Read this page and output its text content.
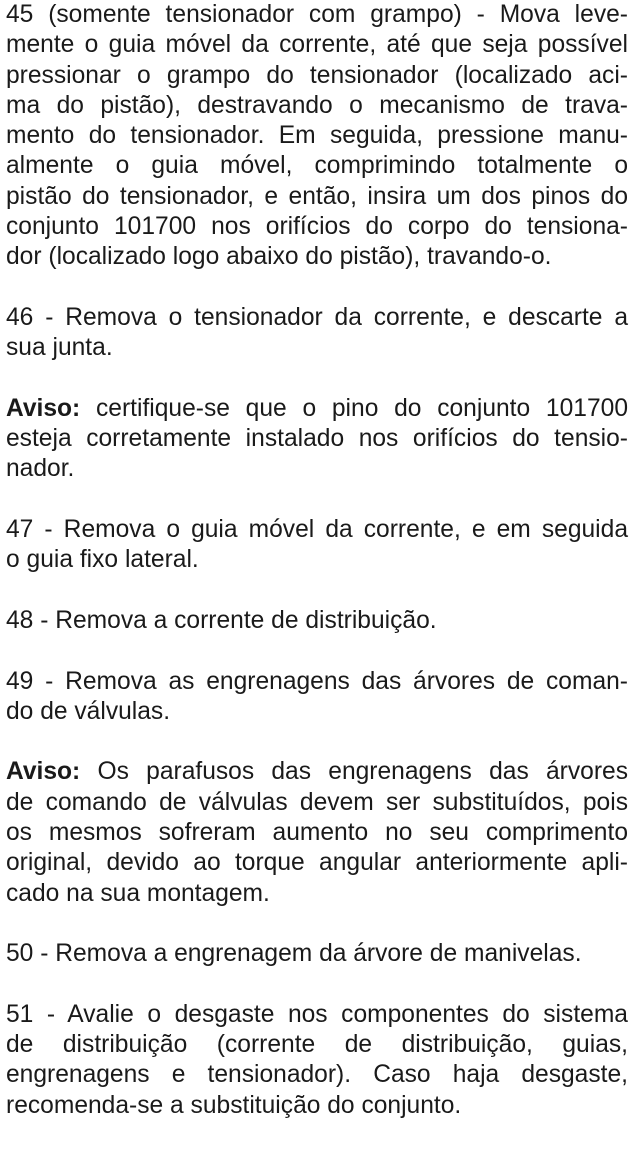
45 (somente tensionador com grampo) - Mova leve-
mente o guia móvel da corrente, até que seja possível
pressionar o grampo do tensionador (localizado aci-
ma do pistão), destravando o mecanismo de trava-
mento do tensionador. Em seguida, pressione manu-
almente o guia móvel, comprimindo totalmente o
pistão do tensionador, e então, insira um dos pinos do
conjunto 101700 nos orifícios do corpo do tensiona-
dor (localizado logo abaixo do pistão), travando-o.

46 - Remova o tensionador da corrente, e descarte a
sua junta.

Aviso: certifique-se que o pino do conjunto 101700
esteja corretamente instalado nos orifícios do tensio-
nador.

47 - Remova o guia móvel da corrente, e em seguida
o guia fixo lateral.

48 - Remova a corrente de distribuição.

49 - Remova as engrenagens das árvores de coman-
do de válvulas.

Aviso: Os parafusos das engrenagens das árvores
de comando de válvulas devem ser substituídos, pois
os mesmos sofreram aumento no seu comprimento
original, devido ao torque angular anteriormente apli-
cado na sua montagem.

50 - Remova a engrenagem da árvore de manivelas.

51 - Avalie o desgaste nos componentes do sistema
de distribuição (corrente de distribuição, guias,
engrenagens e tensionador). Caso haja desgaste,
recomenda-se a substituição do conjunto.
